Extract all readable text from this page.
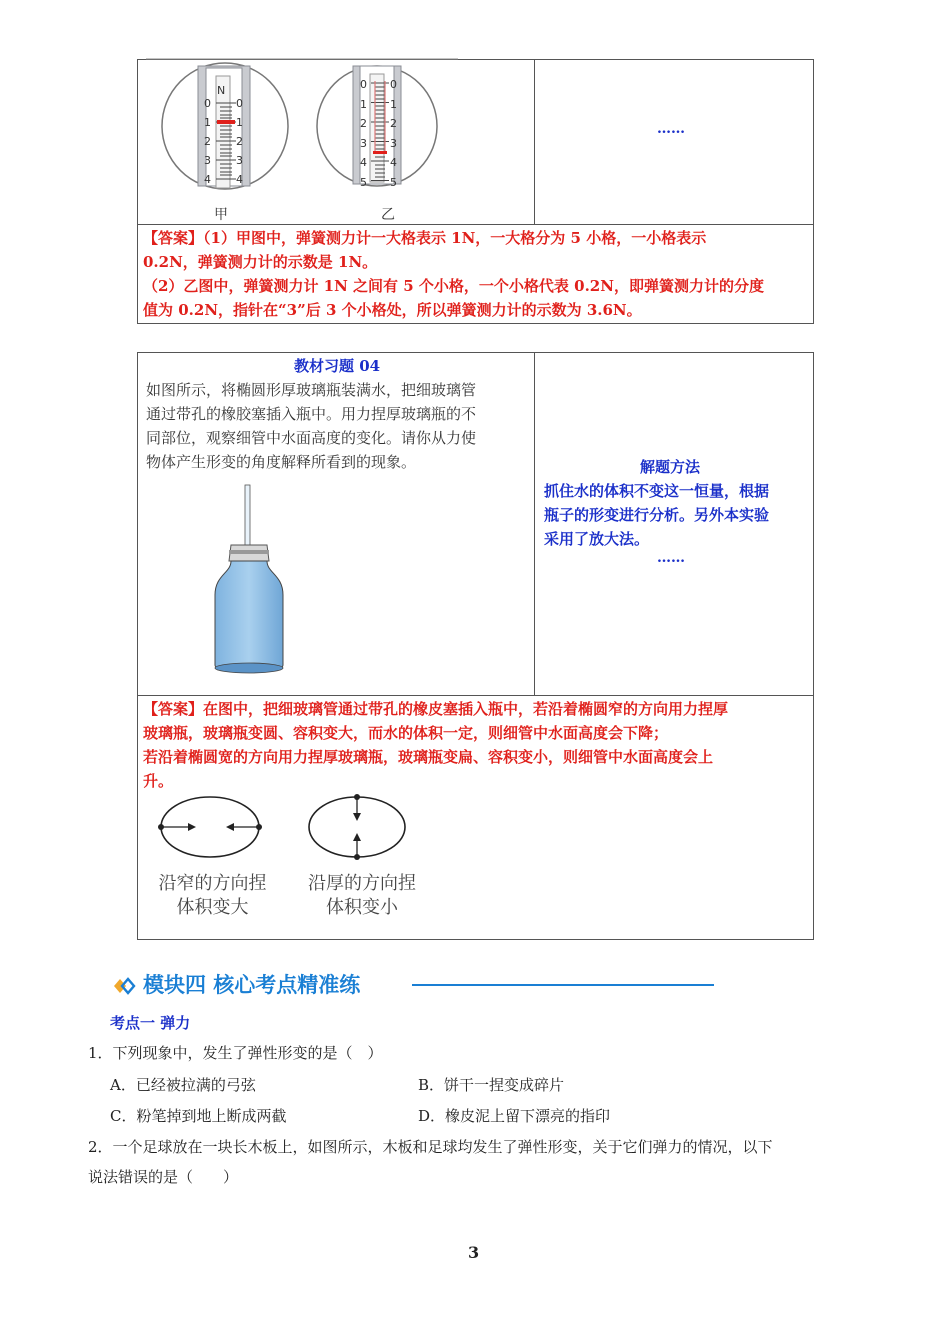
N
0
1
2
3
4
0
1
2
3
4
0
1
2
3
4
5
0
1
2
3
4
5
甲	乙
……
【答案】（1）甲图中，弹簧测力计一大格表示 1N，一大格分为 5 小格，一小格表示
0.2N，弹簧测力计的示数是 1N。
（2）乙图中，弹簧测力计 1N 之间有 5 个小格，一个小格代表 0.2N，即弹簧测力计的分度
值为 0.2N，指针在“3”后 3 个小格处，所以弹簧测力计的示数为 3.6N。
教材习题 04
如图所示，将椭圆形厚玻璃瓶装满水，把细玻璃管
通过带孔的橡胶塞插入瓶中。用力捏厚玻璃瓶的不
同部位，观察细管中水面高度的变化。请你从力使
物体产生形变的角度解释所看到的现象。	解题方法
抓住水的体积不变这一恒量，根据
瓶子的形变进行分析。另外本实验
采用了放大法。
……
【答案】在图中，把细玻璃管通过带孔的橡皮塞插入瓶中，若沿着椭圆窄的方向用力捏厚
玻璃瓶，玻璃瓶变圆、容积变大，而水的体积一定，则细管中水面高度会下降；
若沿着椭圆宽的方向用力捏厚玻璃瓶，玻璃瓶变扁、容积变小，则细管中水面高度会上
升。
沿窄的方向捏
体积变大
沿厚的方向捏
体积变小
模块四 核心考点精准练
考点一 弹力
1．下列现象中，发生了弹性形变的是（　）
A．已经被拉满的弓弦	B．饼干一捏变成碎片
C．粉笔掉到地上断成两截	D．橡皮泥上留下漂亮的指印
2．一个足球放在一块长木板上，如图所示，木板和足球均发生了弹性形变，关于它们弹力的情况，以下
说法错误的是（　　）
3
